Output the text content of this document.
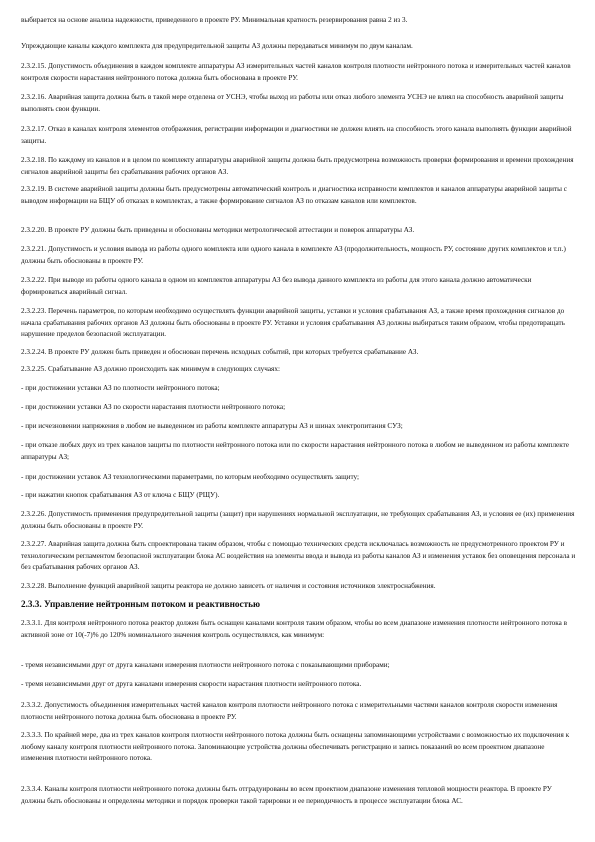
выбирается на основе анализа надежности, приведенного в проекте РУ. Минимальная кратность резервирования равна 2 из 3.

Упреждающие каналы каждого комплекта для предупредительной защиты АЗ должны передаваться минимум по двум каналам.

2.3.2.15. Допустимость объединения в каждом комплекте аппаратуры АЗ измерительных частей каналов контроля плотности нейтронного потока и измерительных частей каналов контроля скорости нарастания нейтронного потока должна быть обоснована в проекте РУ.

2.3.2.16. Аварийная защита должна быть в такой мере отделена от УСНЭ, чтобы выход из работы или отказ любого элемента УСНЭ не влиял на способность аварийной защиты выполнять свои функции.

2.3.2.17. Отказ в каналах контроля элементов отображения, регистрации информации и диагностики не должен влиять на способность этого канала выполнять функции аварийной защиты.

2.3.2.18. По каждому из каналов и в целом по комплекту аппаратуры аварийной защиты должна быть предусмотрена возможность проверки формирования и времени прохождения сигналов аварийной защиты без срабатывания рабочих органов АЗ.

2.3.2.19. В системе аварийной защиты должны быть предусмотрены автоматический контроль и диагностика исправности комплектов и каналов аппаратуры аварийной защиты с выводом информации на БЩУ об отказах в комплектах, а также формирование сигналов АЗ по отказам каналов или комплектов.

2.3.2.20. В проекте РУ должны быть приведены и обоснованы методики метрологической аттестации и поверок аппаратуры АЗ.

2.3.2.21. Допустимость и условия вывода из работы одного комплекта или одного канала в комплекте АЗ (продолжительность, мощность РУ, состояние других комплектов и т.п.) должны быть обоснованы в проекте РУ.

2.3.2.22. При выводе из работы одного канала в одном из комплектов аппаратуры АЗ без вывода данного комплекта из работы для этого канала должно автоматически формироваться аварийный сигнал.

2.3.2.23. Перечень параметров, по которым необходимо осуществлять функции аварийной защиты, уставки и условия срабатывания АЗ, а также время прохождения сигналов до начала срабатывания рабочих органов АЗ должны быть обоснованы в проекте РУ. Уставки и условия срабатывания АЗ должны выбираться таким образом, чтобы предотвращать нарушение пределов безопасной эксплуатации.

2.3.2.24. В проекте РУ должен быть приведен и обоснован перечень исходных событий, при которых требуется срабатывание АЗ.

2.3.2.25. Срабатывание АЗ должно происходить как минимум в следующих случаях:

- при достижении уставки АЗ по плотности нейтронного потока;

- при достижении уставки АЗ по скорости нарастания плотности нейтронного потока;

- при исчезновении напряжения в любом не выведенном из работы комплекте аппаратуры АЗ и шинах электропитания СУЗ;

- при отказе любых двух из трех каналов защиты по плотности нейтронного потока или по скорости нарастания нейтронного потока в любом не выведенном из работы комплекте аппаратуры АЗ;

- при достижении уставок АЗ технологическими параметрами, по которым необходимо осуществлять защиту;

- при нажатии кнопок срабатывания АЗ от ключа с БЩУ (РЩУ).

2.3.2.26. Допустимость применения предупредительной защиты (защит) при нарушениях нормальной эксплуатации, не требующих срабатывания АЗ, и условия ее (их) применения должны быть обоснованы в проекте РУ.

2.3.2.27. Аварийная защита должна быть спроектирована таким образом, чтобы с помощью технических средств исключалась возможность не предусмотренного проектом РУ и технологическим регламентом безопасной эксплуатации блока АС воздействия на элементы ввода и вывода из работы каналов АЗ и изменения уставок без оповещения персонала и без срабатывания рабочих органов АЗ.

2.3.2.28. Выполнение функций аварийной защиты реактора не должно зависеть от наличия и состояния источников электроснабжения.

2.3.3. Управление нейтронным потоком и реактивностью

2.3.3.1. Для контроля нейтронного потока реактор должен быть оснащен каналами контроля таким образом, чтобы во всем диапазоне изменения плотности нейтронного потока в активной зоне от 10(-7)% до 120% номинального значения контроль осуществлялся, как минимум:

- тремя независимыми друг от друга каналами измерения плотности нейтронного потока с показывающими приборами;

- тремя независимыми друг от друга каналами измерения скорости нарастания плотности нейтронного потока.

2.3.3.2. Допустимость объединения измерительных частей каналов контроля плотности нейтронного потока с измерительными частями каналов контроля скорости изменения плотности нейтронного потока должна быть обоснована в проекте РУ.

2.3.3.3. По крайней мере, два из трех каналов контроля плотности нейтронного потока должны быть оснащены запоминающими устройствами с возможностью их подключения к любому каналу контроля плотности нейтронного потока. Запоминающие устройства должны обеспечивать регистрацию и запись показаний во всем проектном диапазоне изменения плотности нейтронного потока.

2.3.3.4. Каналы контроля плотности нейтронного потока должны быть отградуированы во всем проектном диапазоне изменения тепловой мощности реактора. В проекте РУ должны быть обоснованы и определены методики и порядок проверки такой тарировки и ее периодичность в процессе эксплуатации блока АС.
